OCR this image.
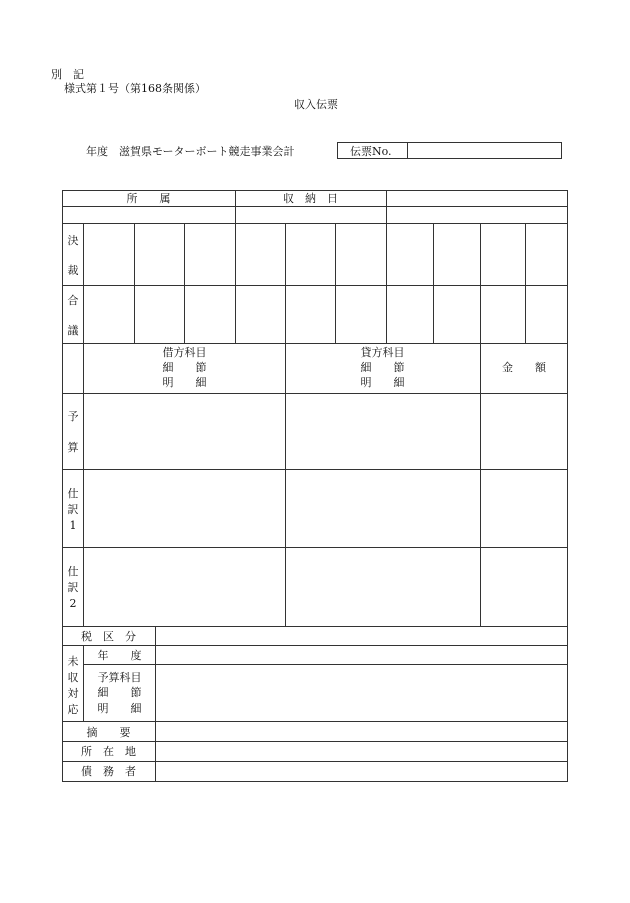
別　記
様式第１号（第168条関係）
収入伝票
年度　滋賀県モーターボート競走事業会計	伝票No.
所　　属	収　納　日
決
裁
合
議
借方科目
細　　節
明　　細
貸方科目
細　　節
明　　細
金　　額
予
算
仕
訳
1
仕
訳
2
税　区　分
未
収
対
応
年　　度
予算科目
細　　節
明　　細
摘　　要
所　在　地
債　務　者
